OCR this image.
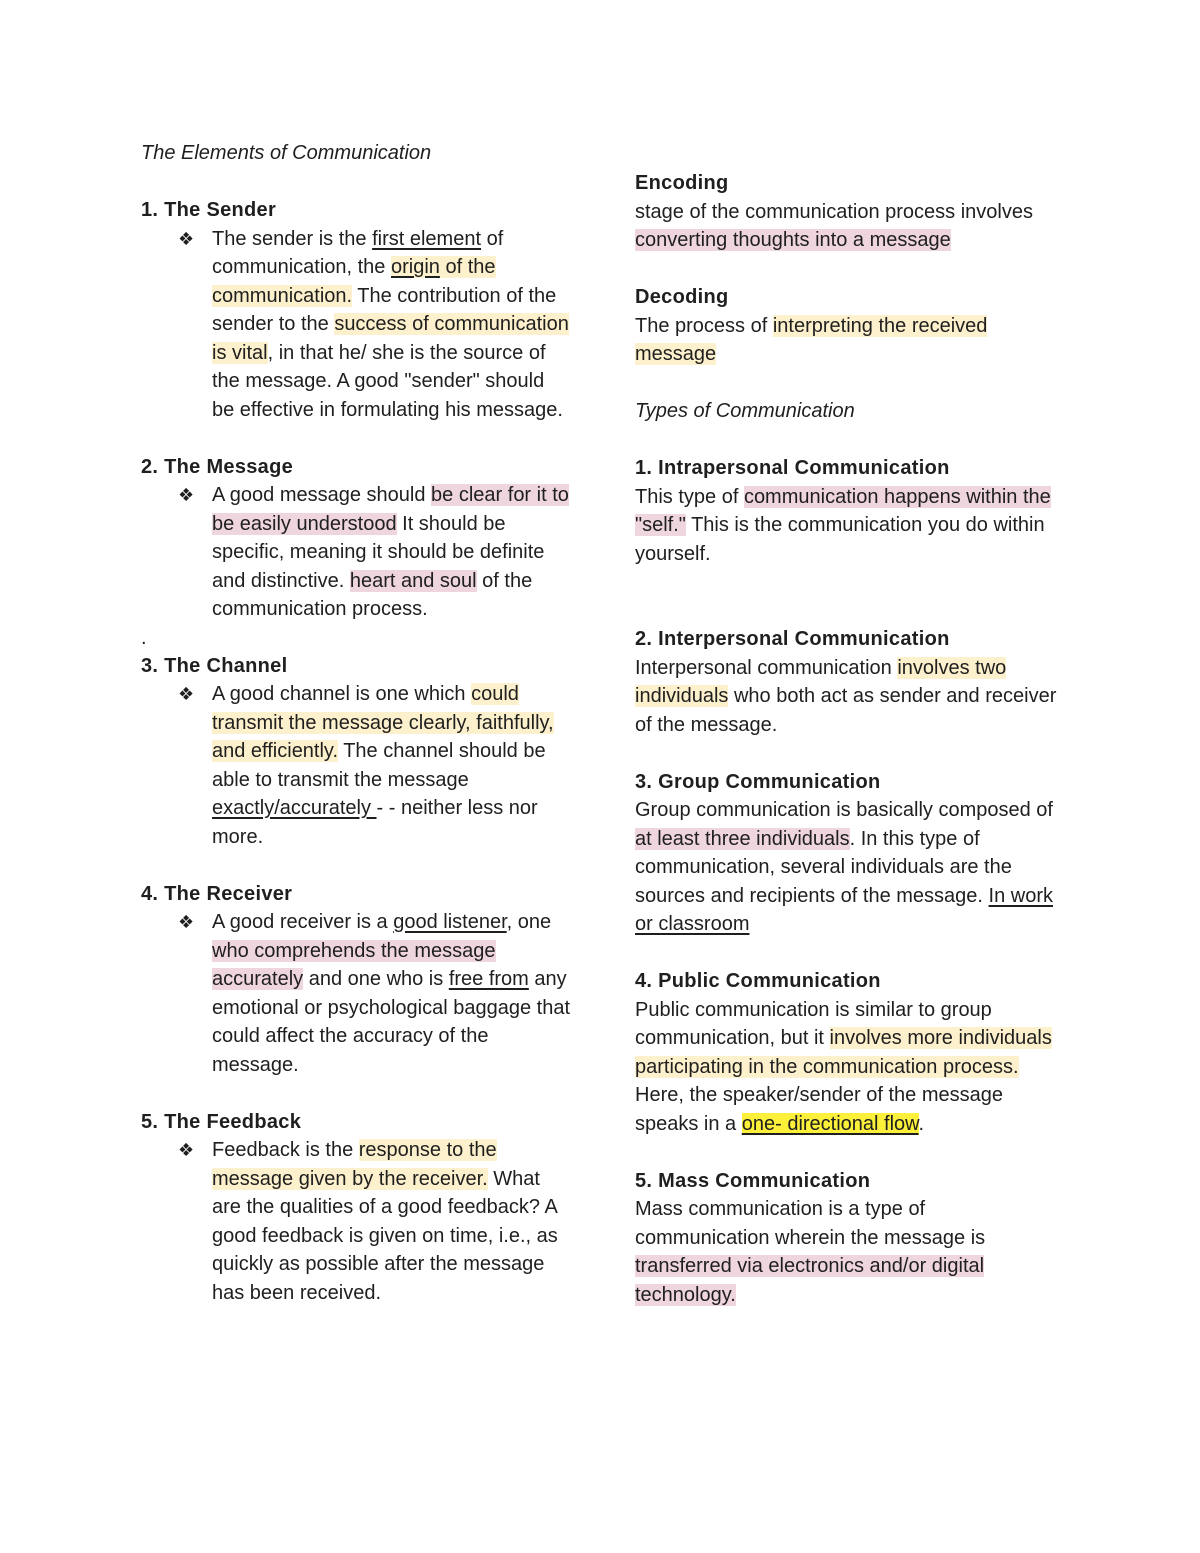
The Elements of Communication

1. The Sender

❖ The sender is the first element of communication, the origin of the communication. The contribution of the sender to the success of communication is vital, in that he/ she is the source of the message. A good "sender" should be effective in formulating his message.

2. The Message

❖ A good message should be clear for it to be easily understood It should be specific, meaning it should be definite and distinctive. heart and soul of the communication process.

.

3. The Channel

❖ A good channel is one which could transmit the message clearly, faithfully, and efficiently. The channel should be able to transmit the message exactly/accurately - - neither less nor more.

4. The Receiver

❖ A good receiver is a good listener, one who comprehends the message accurately and one who is free from any emotional or psychological baggage that could affect the accuracy of the message.

5. The Feedback

❖ Feedback is the response to the message given by the receiver. What are the qualities of a good feedback? A good feedback is given on time, i.e., as quickly as possible after the message has been received.

Encoding

stage of the communication process involves converting thoughts into a message

Decoding

The process of interpreting the received message

Types of Communication

1. Intrapersonal Communication

This type of communication happens within the "self." This is the communication you do within yourself.

2. Interpersonal Communication

Interpersonal communication involves two individuals who both act as sender and receiver of the message.

3. Group Communication

Group communication is basically composed of at least three individuals. In this type of communication, several individuals are the sources and recipients of the message. In work or classroom

4. Public Communication

Public communication is similar to group communication, but it involves more individuals participating in the communication process. Here, the speaker/sender of the message speaks in a one- directional flow.

5. Mass Communication

Mass communication is a type of communication wherein the message is transferred via electronics and/or digital technology.
